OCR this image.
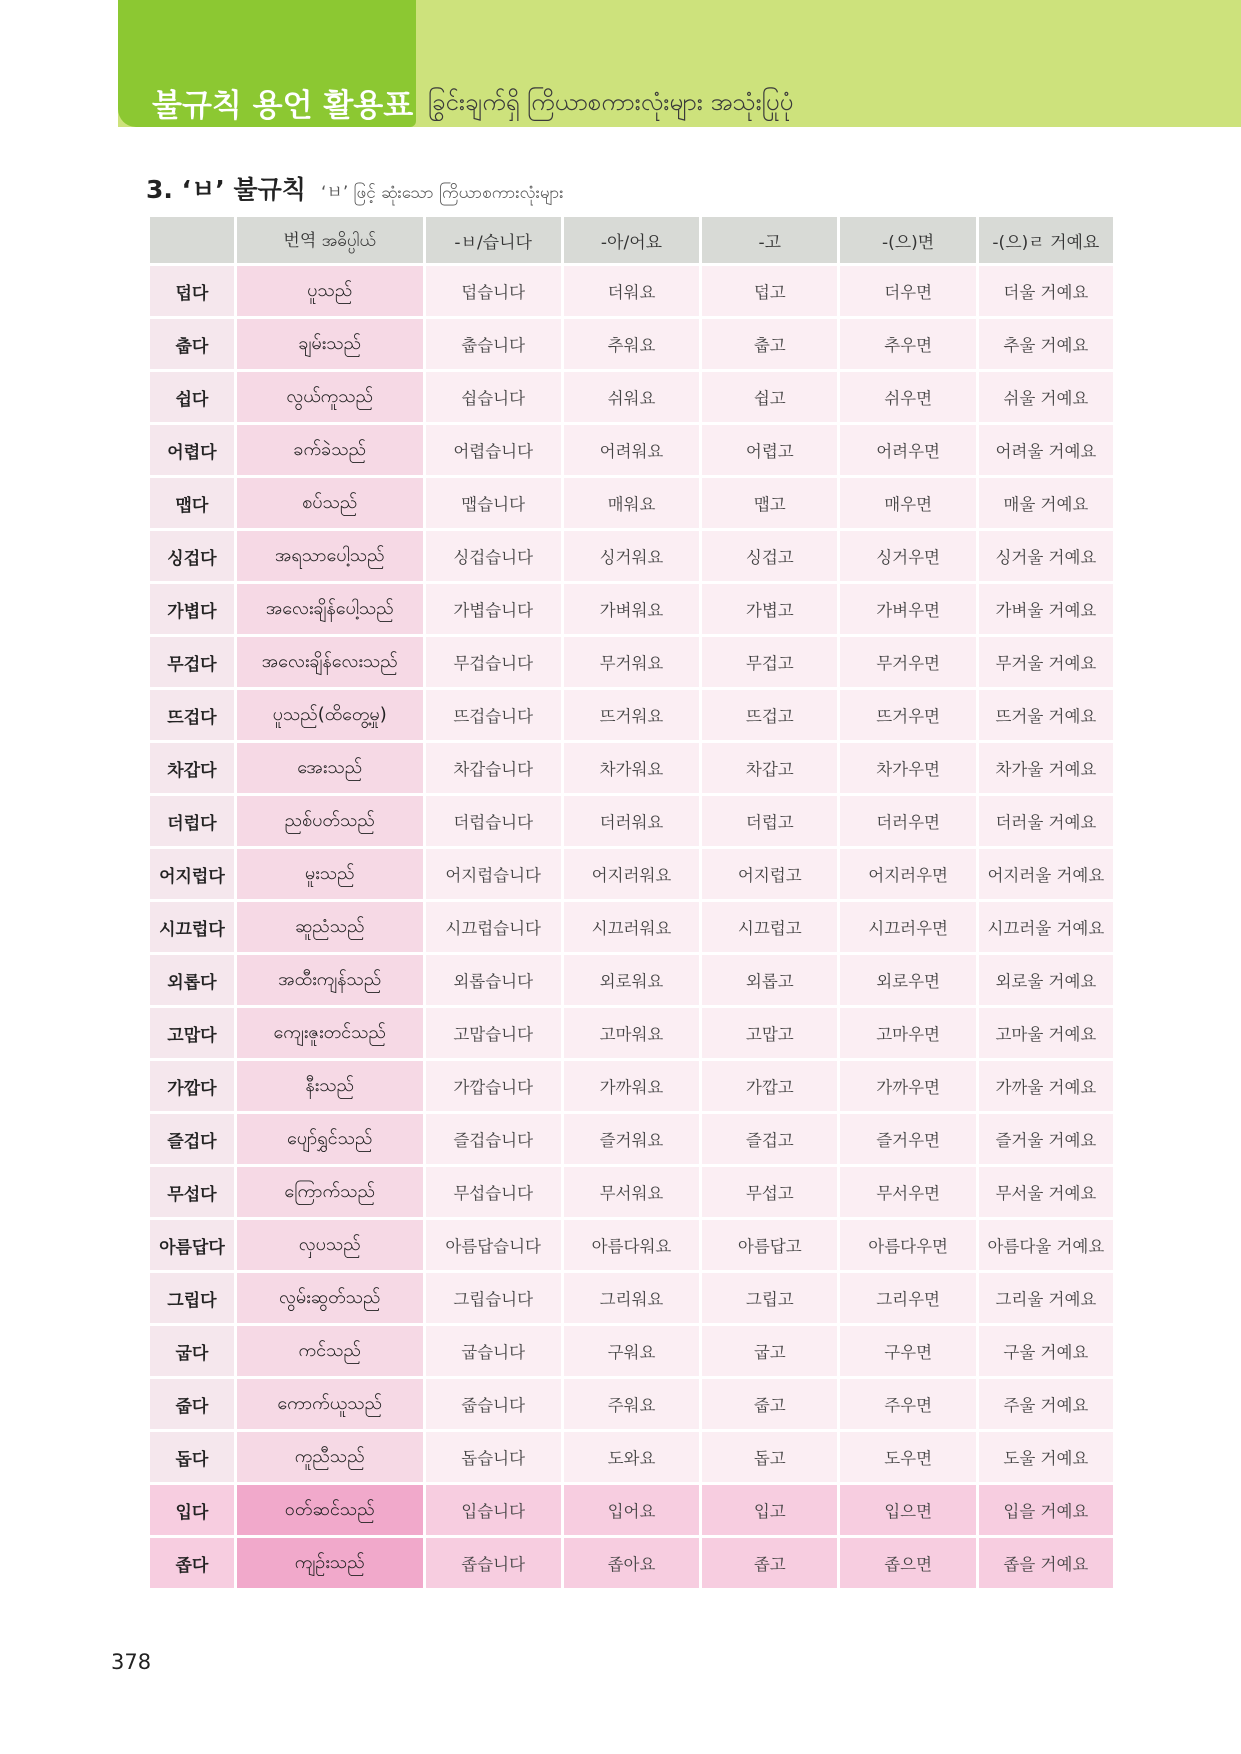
불규칙 용언 활용표 ခြွင်းချက်ရှိ ကြိယာစကားလုံးများ အသုံးပြုပုံ
3. ‘ㅂ’ 불규칙 ‘ㅂ’ ဖြင့် ဆုံးသော ကြိယာစကားလုံးများ
	번역 အဓိပ္ပါယ်	-ㅂ/습니다	-아/어요	-고	-(으)면	-(으)ㄹ 거예요
덥다	ပူသည်	덥습니다	더워요	덥고	더우면	더울 거예요
춥다	ချမ်းသည်	춥습니다	추워요	춥고	추우면	추울 거예요
쉽다	လွယ်ကူသည်	쉽습니다	쉬워요	쉽고	쉬우면	쉬울 거예요
어렵다	ခက်ခဲသည်	어렵습니다	어려워요	어렵고	어려우면	어려울 거예요
맵다	စပ်သည်	맵습니다	매워요	맵고	매우면	매울 거예요
싱겁다	အရသာပေါ့သည်	싱겁습니다	싱거워요	싱겁고	싱거우면	싱거울 거예요
가볍다	အလေးချိန်ပေါ့သည်	가볍습니다	가벼워요	가볍고	가벼우면	가벼울 거예요
무겁다	အလေးချိန်လေးသည်	무겁습니다	무거워요	무겁고	무거우면	무거울 거예요
뜨겁다	ပူသည်(ထိတွေ့မှု)	뜨겁습니다	뜨거워요	뜨겁고	뜨거우면	뜨거울 거예요
차갑다	အေးသည်	차갑습니다	차가워요	차갑고	차가우면	차가울 거예요
더럽다	ညစ်ပတ်သည်	더럽습니다	더러워요	더럽고	더러우면	더러울 거예요
어지럽다	မူးသည်	어지럽습니다	어지러워요	어지럽고	어지러우면	어지러울 거예요
시끄럽다	ဆူညံသည်	시끄럽습니다	시끄러워요	시끄럽고	시끄러우면	시끄러울 거예요
외롭다	အထီးကျန်သည်	외롭습니다	외로워요	외롭고	외로우면	외로울 거예요
고맙다	ကျေးဇူးတင်သည်	고맙습니다	고마워요	고맙고	고마우면	고마울 거예요
가깝다	နီးသည်	가깝습니다	가까워요	가깝고	가까우면	가까울 거예요
즐겁다	ပျော်ရွှင်သည်	즐겁습니다	즐거워요	즐겁고	즐거우면	즐거울 거예요
무섭다	ကြောက်သည်	무섭습니다	무서워요	무섭고	무서우면	무서울 거예요
아름답다	လှပသည်	아름답습니다	아름다워요	아름답고	아름다우면	아름다울 거예요
그립다	လွမ်းဆွတ်သည်	그립습니다	그리워요	그립고	그리우면	그리울 거예요
굽다	ကင်သည်	굽습니다	구워요	굽고	구우면	구울 거예요
줍다	ကောက်ယူသည်	줍습니다	주워요	줍고	주우면	주울 거예요
돕다	ကူညီသည်	돕습니다	도와요	돕고	도우면	도울 거예요
입다	ဝတ်ဆင်သည်	입습니다	입어요	입고	입으면	입을 거예요
좁다	ကျဉ်းသည်	좁습니다	좁아요	좁고	좁으면	좁을 거예요
378
